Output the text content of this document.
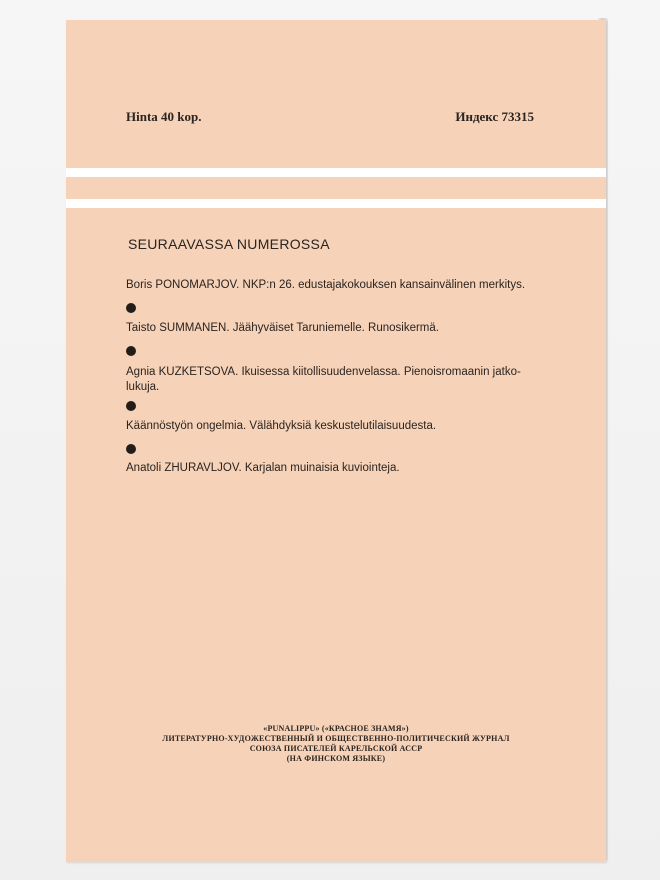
Hinta 40 kop.	Индекс 73315
SEURAAVASSA NUMEROSSA
Boris PONOMARJOV. NKP:n 26. edustajakokouksen kansainvälinen merkitys.
Taisto SUMMANEN. Jäähyväiset Taruniemelle. Runosikermä.
Agnia KUZKETSOVA. Ikuisessa kiitollisuudenvelassa. Pienoisromaanin jatko- lukuja.
Käännöstyön ongelmia. Välähdyksiä keskustelutilaisuudesta.
Anatoli ZHURAVLJOV. Karjalan muinaisia kuviointeja.
«PUNALIPPU» («КРАСНОЕ ЗНАМЯ»)
ЛИТЕРАТУРНО-ХУДОЖЕСТВЕННЫЙ И ОБЩЕСТВЕННО-ПОЛИТИЧЕСКИЙ ЖУРНАЛ
СОЮЗА ПИСАТЕЛЕЙ КАРЕЛЬСКОЙ АССР
(НА ФИНСКОМ ЯЗЫКЕ)
